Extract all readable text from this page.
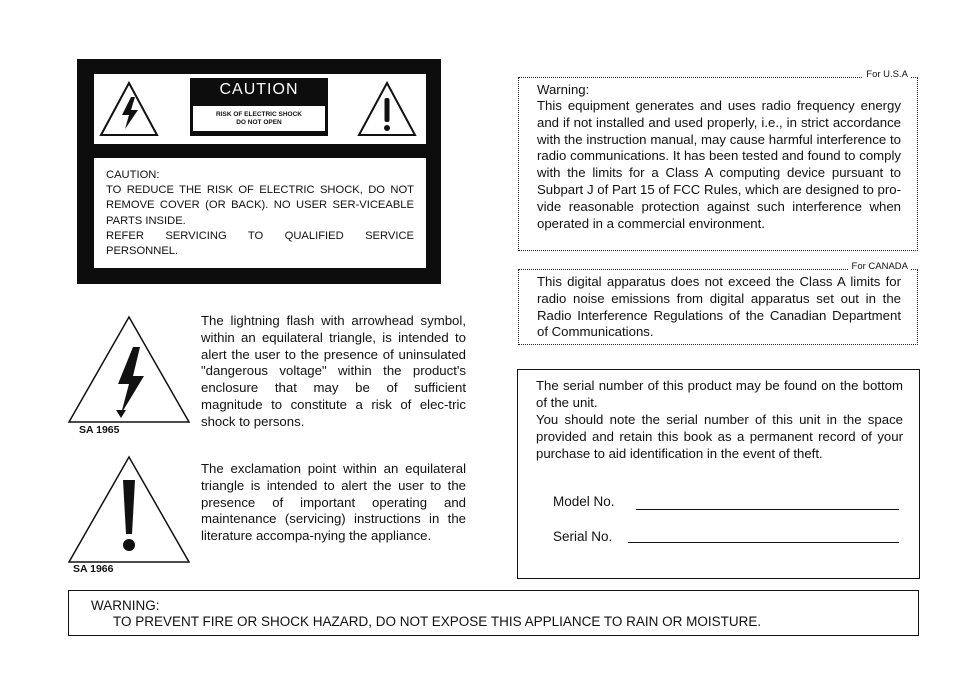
CAUTION
RISK OF ELECTRIC SHOCK
DO NOT OPEN

CAUTION:

TO REDUCE THE RISK OF ELECTRIC SHOCK, DO NOT REMOVE COVER (OR BACK). NO USER SER-VICEABLE PARTS INSIDE.

REFER SERVICING TO QUALIFIED SERVICE PERSONNEL.

SA 1965

The lightning flash with arrowhead symbol, within an equilateral triangle, is intended to alert the user to the presence of uninsulated "dangerous voltage" within the product's enclosure that may be of sufficient magnitude to constitute a risk of elec-tric shock to persons.

SA 1966

The exclamation point within an equilateral triangle is intended to alert the user to the presence of important operating and maintenance (servicing) instructions in the literature accompa-nying the appliance.

For U.S.A
Warning:
This equipment generates and uses radio frequency energy and if not installed and used properly, i.e., in strict accordance with the instruction manual, may cause harmful interference to radio communications. It has been tested and found to comply with the limits for a Class A computing device pursuant to Subpart J of Part 15 of FCC Rules, which are designed to pro-vide reasonable protection against such interference when operated in a commercial environment.
For CANADA
This digital apparatus does not exceed the Class A limits for radio noise emissions from digital apparatus set out in the Radio Interference Regulations of the Canadian Department of Communications.
The serial number of this product may be found on the bottom of the unit.
You should note the serial number of this unit in the space provided and retain this book as a permanent record of your purchase to aid identification in the event of theft.
Model No.
Serial No.
WARNING:
TO PREVENT FIRE OR SHOCK HAZARD, DO NOT EXPOSE THIS APPLIANCE TO RAIN OR MOISTURE.
